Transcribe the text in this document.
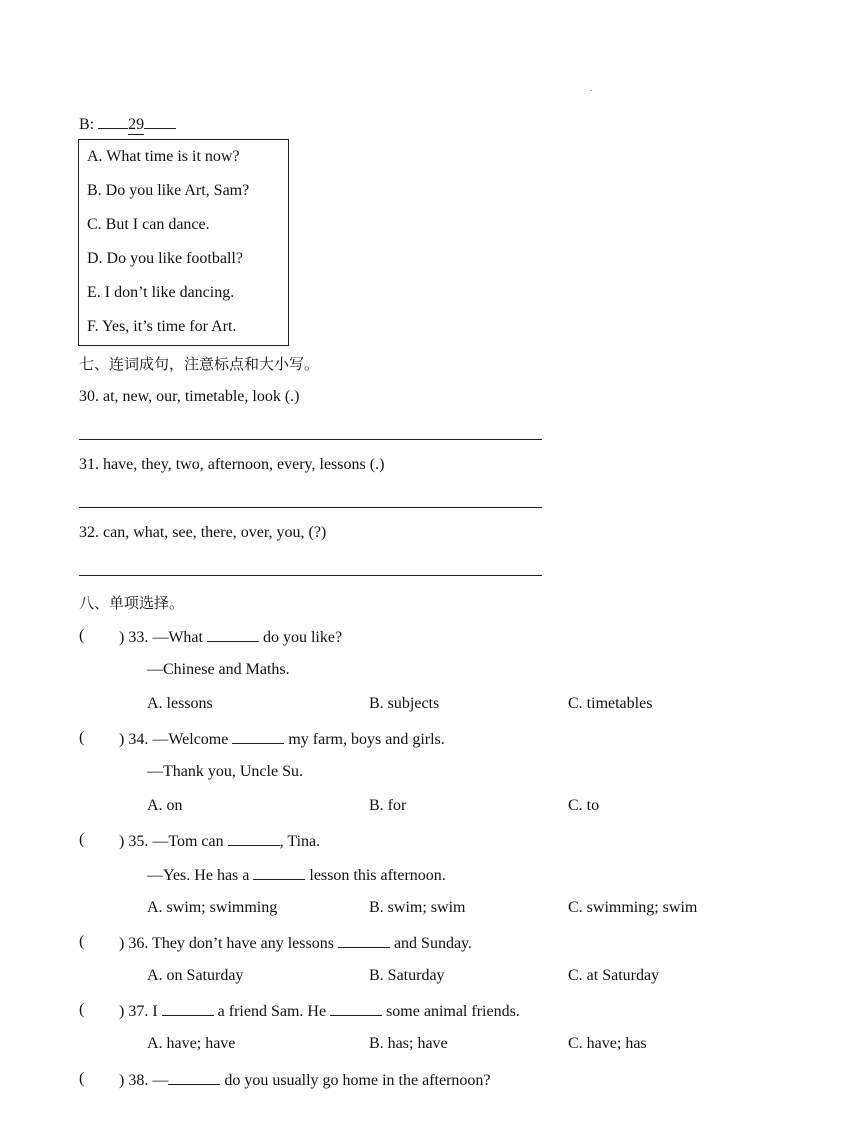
.
B: 29
A. What time is it now?
B. Do you like Art, Sam?
C. But I can dance.
D. Do you like football?
E. I don’t like dancing.
F. Yes, it’s time for Art.
七、连词成句，注意标点和大小写。
30. at, new, our, timetable, look (.)
31. have, they, two, afternoon, every, lessons (.)
32. can, what, see, there, over, you, (?)
八、单项选择。
( ) 33. —What	do you like?
—Chinese and Maths.
A. lessons	B. subjects	C. timetables
( ) 34. —Welcome	my farm, boys and girls.
—Thank you, Uncle Su.
A. on	B. for	C. to
( ) 35. —Tom can	, Tina.
—Yes. He has a	lesson this afternoon.
A. swim; swimming	B. swim; swim	C. swimming; swim
( ) 36. They don’t have any lessons	and Sunday.
A. on Saturday	B. Saturday	C. at Saturday
( ) 37. I	a friend Sam. He	some animal friends.
A. have; have	B. has; have	C. have; has
( ) 38. —	do you usually go home in the afternoon?
